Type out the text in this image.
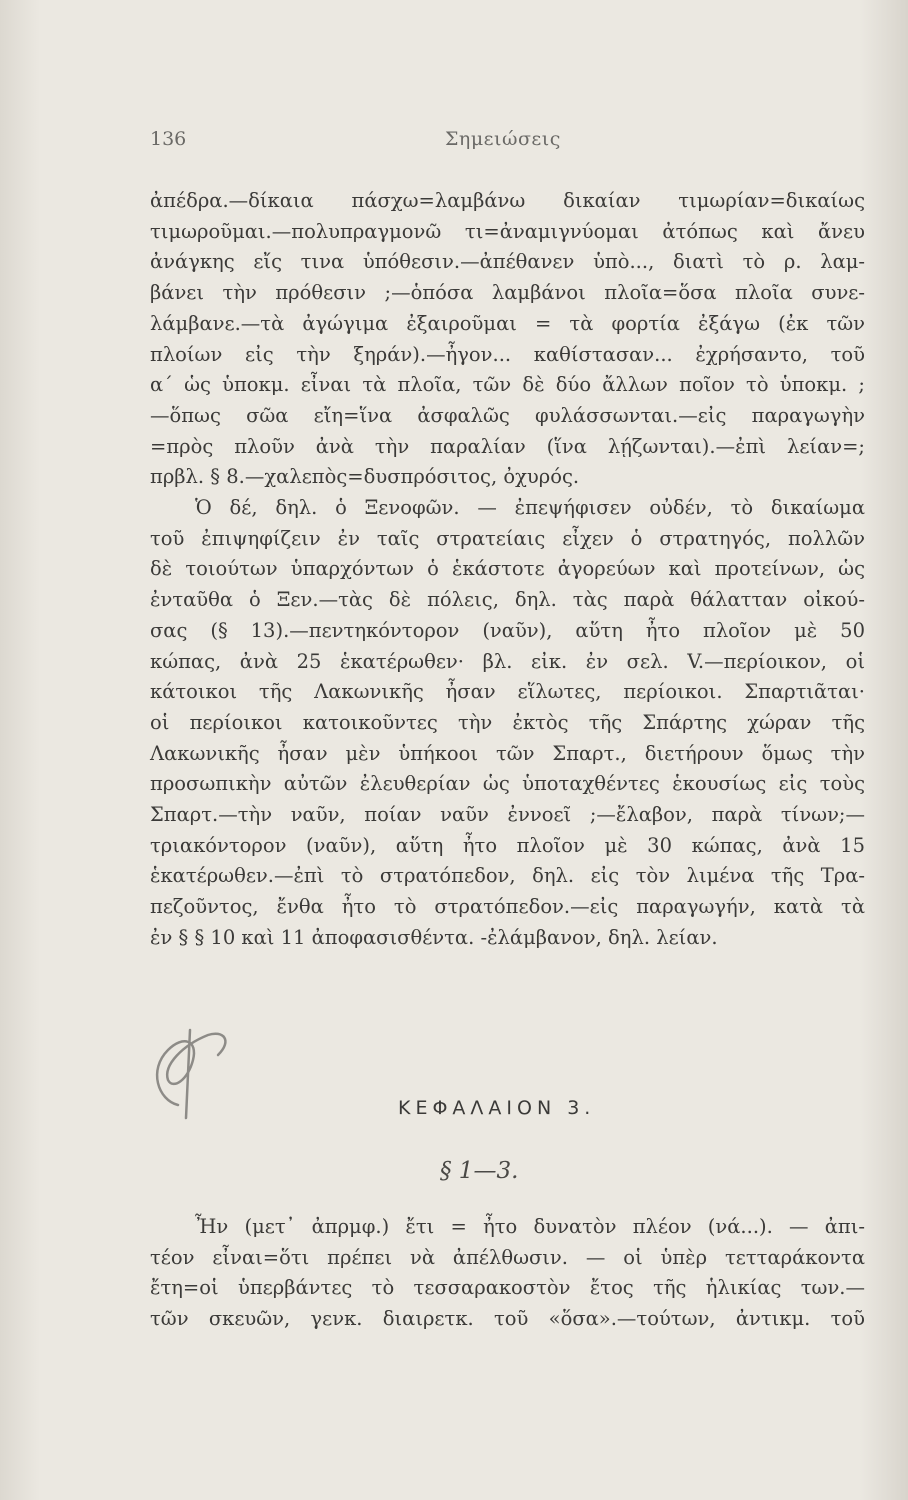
136	Σημειώσεις
ἀπέδρα.—δίκαια πάσχω=λαμβάνω δικαίαν τιμωρίαν=δικαίως
τιμωροῦμαι.—πολυπραγμονῶ τι=ἀναμιγνύομαι ἀτόπως καὶ ἄνευ
ἀνάγκης εἴς τινα ὑπόθεσιν.—ἀπέθανεν ὑπὸ..., διατὶ τὸ ρ. λαμ-
βάνει τὴν πρόθεσιν ;—ὁπόσα λαμβάνοι πλοῖα=ὅσα πλοῖα συνε-
λάμβανε.—τὰ ἀγώγιμα ἐξαιροῦμαι = τὰ φορτία ἐξάγω (ἐκ τῶν
πλοίων εἰς τὴν ξηράν).—ἦγον... καθίστασαν... ἐχρήσαντο, τοῦ
α´ ὡς ὑποκμ. εἶναι τὰ πλοῖα, τῶν δὲ δύο ἄλλων ποῖον τὸ ὑποκμ. ;
—ὅπως σῶα εἴη=ἵνα ἀσφαλῶς φυλάσσωνται.—εἰς παραγωγὴν
=πρὸς πλοῦν ἀνὰ τὴν παραλίαν (ἵνα λῄζωνται).—ἐπὶ λείαν=;
πρβλ. § 8.—χαλεπὸς=δυσπρόσιτος, ὀχυρός.
Ὁ δέ, δηλ. ὁ Ξενοφῶν. — ἐπεψήφισεν οὐδέν, τὸ δικαίωμα
τοῦ ἐπιψηφίζειν ἐν ταῖς στρατείαις εἶχεν ὁ στρατηγός, πολλῶν
δὲ τοιούτων ὑπαρχόντων ὁ ἑκάστοτε ἀγορεύων καὶ προτείνων, ὡς
ἐνταῦθα ὁ Ξεν.—τὰς δὲ πόλεις, δηλ. τὰς παρὰ θάλατταν οἰκού-
σας (§ 13).—πεντηκόντορον (ναῦν), αὕτη ἦτο πλοῖον μὲ 50
κώπας, ἀνὰ 25 ἑκατέρωθεν· βλ. εἰκ. ἐν σελ. V.—περίοικον, οἱ
κάτοικοι τῆς Λακωνικῆς ἦσαν εἵλωτες, περίοικοι. Σπαρτιᾶται·
οἱ περίοικοι κατοικοῦντες τὴν ἐκτὸς τῆς Σπάρτης χώραν τῆς
Λακωνικῆς ἦσαν μὲν ὑπήκοοι τῶν Σπαρτ., διετήρουν ὅμως τὴν
προσωπικὴν αὐτῶν ἐλευθερίαν ὡς ὑποταχθέντες ἑκουσίως εἰς τοὺς
Σπαρτ.—τὴν ναῦν, ποίαν ναῦν ἐννοεῖ ;—ἔλαβον, παρὰ τίνων;—
τριακόντορον (ναῦν), αὕτη ἦτο πλοῖον μὲ 30 κώπας, ἀνὰ 15
ἑκατέρωθεν.—ἐπὶ τὸ στρατόπεδον, δηλ. εἰς τὸν λιμένα τῆς Τρα-
πεζοῦντος, ἔνθα ἦτο τὸ στρατόπεδον.—εἰς παραγωγήν, κατὰ τὰ
ἐν § § 10 καὶ 11 ἀποφασισθέντα. -ἐλάμβανον, δηλ. λείαν.
ΚΕΦΑΛΑΙΟΝ 3.
§ 1—3.
Ἦν (μετ᾽ ἀπρμφ.) ἔτι = ἦτο δυνατὸν πλέον (νά...). — ἀπι-
τέον εἶναι=ὅτι πρέπει νὰ ἀπέλθωσιν. — οἱ ὑπὲρ τετταράκοντα
ἔτη=οἱ ὑπερβάντες τὸ τεσσαρακοστὸν ἔτος τῆς ἡλικίας των.—
τῶν σκευῶν, γενκ. διαιρετκ. τοῦ «ὅσα».—τούτων, ἀντικμ. τοῦ
